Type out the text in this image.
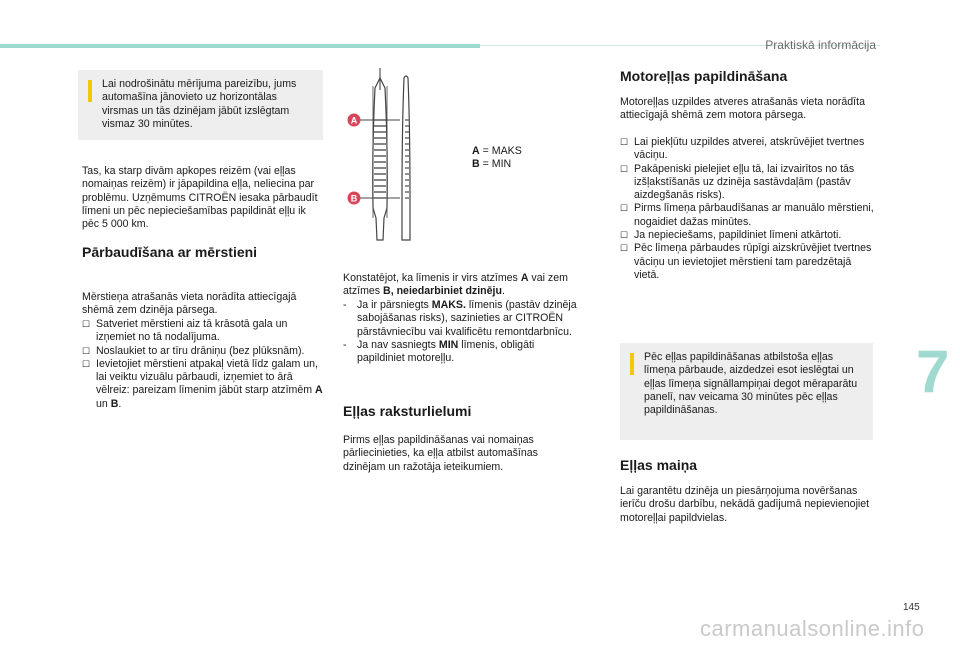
Praktiskā informācija
Lai nodrošinātu mērījuma pareizību, jums automašīna jānovieto uz horizontālas virsmas un tās dzinējam jābūt izslēgtam vismaz 30 minūtes.

Tas, ka starp divām apkopes reizēm (vai eļļas nomaiņas reizēm) ir jāpapildina eļļa, neliecina par problēmu. Uzņēmums CITROËN iesaka pārbaudīt līmeni un pēc nepieciešamības papildināt eļļu ik pēc 5 000 km.

Pārbaudīšana ar mērstieni

Mērstieņa atrašanās vieta norādīta attiecīgajā shēmā zem dzinēja pārsega.

☐ Satveriet mērstieni aiz tā krāsotā gala un izņemiet no tā nodalījuma.
☐ Noslaukiet to ar tīru drāniņu (bez plūksnām).
☐ Ievietojiet mērstieni atpakaļ vietā līdz galam un, lai veiktu vizuālu pārbaudi, izņemiet to ārā vēlreiz: pareizam līmenim jābūt starp atzīmēm A un B.
A
B
A = MAKS
B = MIN

Konstatējot, ka līmenis ir virs atzīmes A vai zem atzīmes B, neiedarbiniet dzinēju.

- Ja ir pārsniegts MAKS. līmenis (pastāv dzinēja sabojāšanas risks), sazinieties ar CITROËN pārstāvniecību vai kvalificētu remontdarbnīcu.
- Ja nav sasniegts MIN līmenis, obligāti papildiniet motoreļļu.
Eļļas raksturlielumi

Pirms eļļas papildināšanas vai nomaiņas pārliecinieties, ka eļļa atbilst automašīnas dzinējam un ražotāja ieteikumiem.

Motoreļļas papildināšana

Motoreļļas uzpildes atveres atrašanās vieta norādīta attiecīgajā shēmā zem motora pārsega.

☐ Lai piekļūtu uzpildes atverei, atskrūvējiet tvertnes vāciņu.
☐ Pakāpeniski pielejiet eļļu tā, lai izvairītos no tās izšļakstīšanās uz dzinēja sastāvdaļām (pastāv aizdegšanās risks).
☐ Pirms līmeņa pārbaudīšanas ar manuālo mērstieni, nogaidiet dažas minūtes.
☐ Ja nepieciešams, papildiniet līmeni atkārtoti.
☐ Pēc līmeņa pārbaudes rūpīgi aizskrūvējiet tvertnes vāciņu un ievietojiet mērstieni tam paredzētajā vietā.
Pēc eļļas papildināšanas atbilstoša eļļas līmeņa pārbaude, aizdedzei esot ieslēgtai un eļļas līmeņa signāllampiņai degot mēraparātu panelī, nav veicama 30 minūtes pēc eļļas papildināšanas.
Eļļas maiņa

Lai garantētu dzinēja un piesārņojuma novēršanas ierīču drošu darbību, nekādā gadījumā nepievienojiet motoreļļai papildvielas.

7
145
carmanualsonline.info
